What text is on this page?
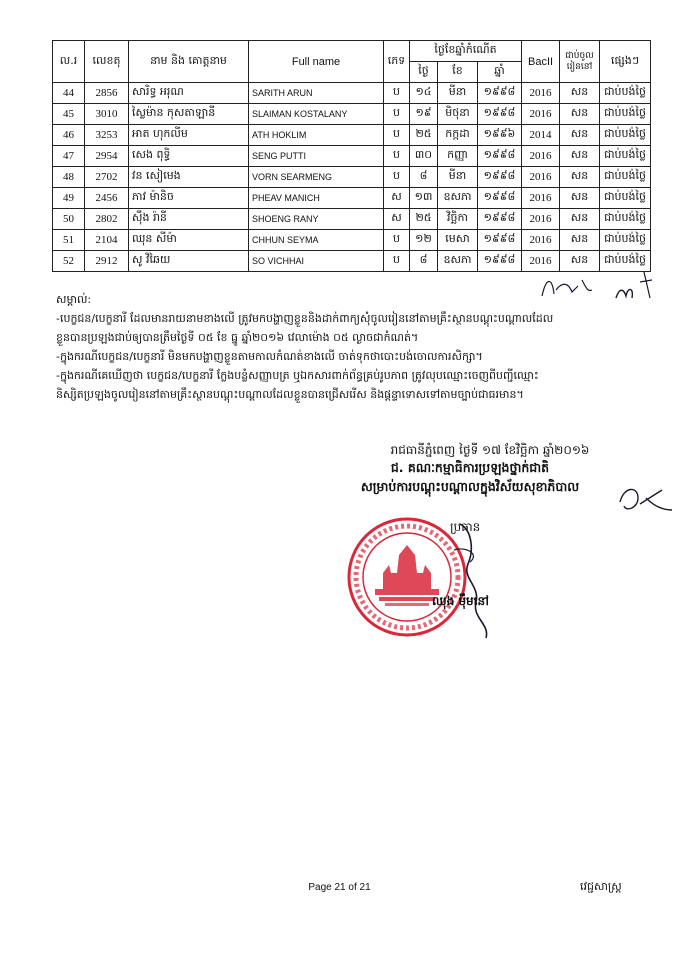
ល.រ	លេខតុ	នាម និង គោត្តនាម	Full name	ភេទ	ថ្ងៃខែឆ្នាំកំណើត			BacII	ជាប់ចូលរៀននៅ	ផ្សេងៗ
					ថ្ងៃ	ខែ	ឆ្នាំ			
44	2856	សារិទ្ធ អរុណ	SARITH ARUN	ប	១៤	មីនា	១៩៩៨	2016	សន	ជាប់បង់ថ្លៃ
45	3010	ស្លៃម៉ាន កុសតាឡានី	SLAIMAN KOSTALANY	ប	១៩	មិថុនា	១៩៩៨	2016	សន	ជាប់បង់ថ្លៃ
46	3253	អាត ហុកលីម	ATH HOKLIM	ប	២៥	កក្កដា	១៩៩៦	2014	សន	ជាប់បង់ថ្លៃ
47	2954	សេង ពុទ្ធិ	SENG PUTTI	ប	៣០	កញ្ញា	១៩៩៨	2016	សន	ជាប់បង់ថ្លៃ
48	2702	វន សៀមេង	VORN SEARMENG	ប	៨	មីនា	១៩៩៨	2016	សន	ជាប់បង់ថ្លៃ
49	2456	ភាវ ម៉ានិច	PHEAV MANICH	ស	១៣	ឧសភា	១៩៩៨	2016	សន	ជាប់បង់ថ្លៃ
50	2802	ស៊ឹង រ៉ានី	SHOENG RANY	ស	២៥	វិច្ឆិកា	១៩៩៨	2016	សន	ជាប់បង់ថ្លៃ
51	2104	ឈុន សីម៉ា	CHHUN SEYMA	ប	១២	មេសា	១៩៩៨	2016	សន	ជាប់បង់ថ្លៃ
52	2912	សូ វិឆៃយ	SO VICHHAI	ប	៨	ឧសភា	១៩៩៨	2016	សន	ជាប់បង់ថ្លៃ

សម្គាល់:

-បេក្ខជន/បេក្ខនារី ដែលមានរាយនាមខាងលើ ត្រូវមកបង្ហាញខ្លួននិងដាក់ពាក្យសុំចូលរៀននៅតាមគ្រឹះស្ថានបណ្តុះបណ្តាលដែល

ខ្លួនបានប្រឡងជាប់ឲ្យបានត្រឹមថ្ងៃទី ០៥ ខែ ធ្នូ ឆ្នាំ២០១៦ វេលាម៉ោង ០៥ ល្ងាចជាកំណត់។

-ក្នុងករណីបេក្ខជន/បេក្ខនារី មិនមកបង្ហាញខ្លួនតាមកាលកំណត់ខាងលើ ចាត់ទុកថាបោះបង់ចោលការសិក្សា។

-ក្នុងករណីគេឃើញថា បេក្ខជន/បេក្ខនារី ក្លែងបន្លំសញ្ញាបត្រ ឬឯកសារពាក់ព័ន្ធគ្រប់រូបភាព ត្រូវលុបឈ្មោះចេញពីបញ្ជីឈ្មោះ

និស្សិតប្រឡងចូលរៀននៅតាមគ្រឹះស្ថានបណ្តុះបណ្តាលដែលខ្លួនបានជ្រើសរើស និងផ្តន្ទាទោសទៅតាមច្បាប់ជាធរមាន។

រាជធានីភ្នំពេញ ថ្ងៃទី ១៧ ខែវិច្ឆិកា ឆ្នាំ២០១៦
ជ. គណៈកម្មាធិការប្រឡងថ្នាក់ជាតិ
សម្រាប់ការបណ្តុះបណ្តាលក្នុងវិស័យសុខាភិបាល
ប្រធាន
ឈុង ម៉ឹមនៅ
Page 21 of 21	វេជ្ជសាស្ត្រ
